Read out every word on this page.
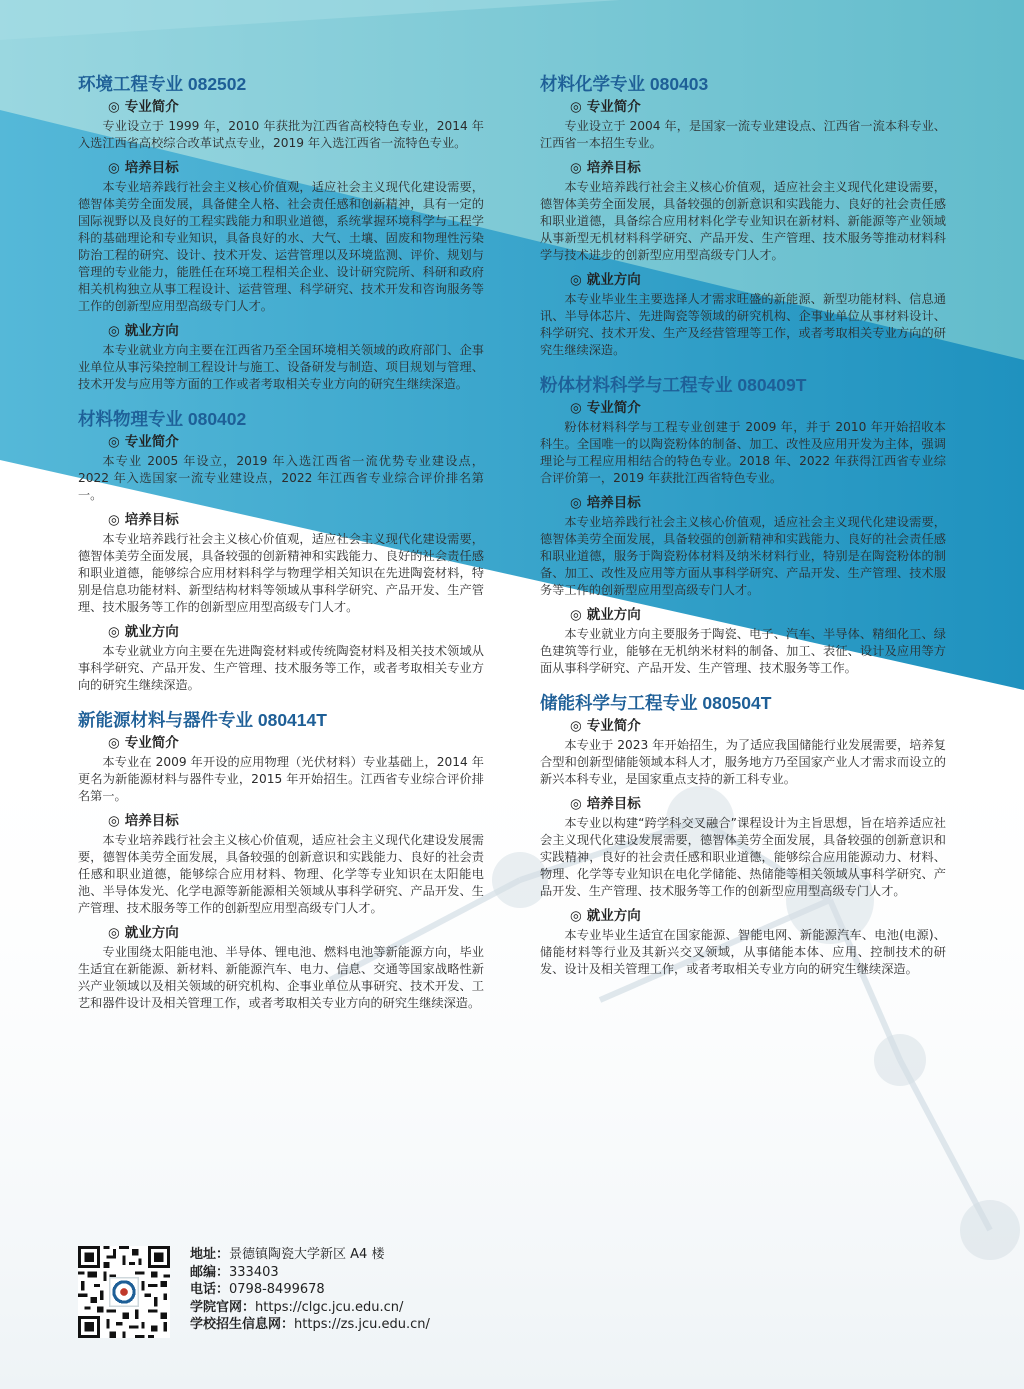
环境工程专业 082502
◎ 专业简介

专业设立于 1999 年，2010 年获批为江西省高校特色专业，2014 年入选江西省高校综合改革试点专业，2019 年入选江西省一流特色专业。

◎ 培养目标

本专业培养践行社会主义核心价值观，适应社会主义现代化建设需要，德智体美劳全面发展，具备健全人格、社会责任感和创新精神，具有一定的国际视野以及良好的工程实践能力和职业道德，系统掌握环境科学与工程学科的基础理论和专业知识，具备良好的水、大气、土壤、固废和物理性污染防治工程的研究、设计、技术开发、运营管理以及环境监测、评价、规划与管理的专业能力，能胜任在环境工程相关企业、设计研究院所、科研和政府相关机构独立从事工程设计、运营管理、科学研究、技术开发和咨询服务等工作的创新型应用型高级专门人才。

◎ 就业方向

本专业就业方向主要在江西省乃至全国环境相关领域的政府部门、企事业单位从事污染控制工程设计与施工、设备研发与制造、项目规划与管理、技术开发与应用等方面的工作或者考取相关专业方向的研究生继续深造。

材料物理专业 080402
◎ 专业简介

本专业 2005 年设立，2019 年入选江西省一流优势专业建设点，2022 年入选国家一流专业建设点，2022 年江西省专业综合评价排名第一。

◎ 培养目标

本专业培养践行社会主义核心价值观，适应社会主义现代化建设需要，德智体美劳全面发展，具备较强的创新精神和实践能力、良好的社会责任感和职业道德，能够综合应用材料科学与物理学相关知识在先进陶瓷材料，特别是信息功能材料、新型结构材料等领域从事科学研究、产品开发、生产管理、技术服务等工作的创新型应用型高级专门人才。

◎ 就业方向

本专业就业方向主要在先进陶瓷材料或传统陶瓷材料及相关技术领域从事科学研究、产品开发、生产管理、技术服务等工作，或者考取相关专业方向的研究生继续深造。

新能源材料与器件专业 080414T
◎ 专业简介

本专业在 2009 年开设的应用物理（光伏材料）专业基础上，2014 年更名为新能源材料与器件专业，2015 年开始招生。江西省专业综合评价排名第一。

◎ 培养目标

本专业培养践行社会主义核心价值观，适应社会主义现代化建设发展需要，德智体美劳全面发展，具备较强的创新意识和实践能力、良好的社会责任感和职业道德，能够综合应用材料、物理、化学等专业知识在太阳能电池、半导体发光、化学电源等新能源相关领域从事科学研究、产品开发、生产管理、技术服务等工作的创新型应用型高级专门人才。

◎ 就业方向

专业围绕太阳能电池、半导体、锂电池、燃料电池等新能源方向，毕业生适宜在新能源、新材料、新能源汽车、电力、信息、交通等国家战略性新兴产业领域以及相关领域的研究机构、企事业单位从事研究、技术开发、工艺和器件设计及相关管理工作，或者考取相关专业方向的研究生继续深造。

材料化学专业 080403
◎ 专业简介

专业设立于 2004 年，是国家一流专业建设点、江西省一流本科专业、江西省一本招生专业。

◎ 培养目标

本专业培养践行社会主义核心价值观，适应社会主义现代化建设需要，德智体美劳全面发展，具备较强的创新意识和实践能力、良好的社会责任感和职业道德，具备综合应用材料化学专业知识在新材料、新能源等产业领域从事新型无机材料科学研究、产品开发、生产管理、技术服务等推动材料科学与技术进步的创新型应用型高级专门人才。

◎ 就业方向

本专业毕业生主要选择人才需求旺盛的新能源、新型功能材料、信息通讯、半导体芯片、先进陶瓷等领域的研究机构、企事业单位从事材料设计、科学研究、技术开发、生产及经营管理等工作，或者考取相关专业方向的研究生继续深造。

粉体材料科学与工程专业 080409T
◎ 专业简介

粉体材料科学与工程专业创建于 2009 年，并于 2010 年开始招收本科生。全国唯一的以陶瓷粉体的制备、加工、改性及应用开发为主体，强调理论与工程应用相结合的特色专业。2018 年、2022 年获得江西省专业综合评价第一，2019 年获批江西省特色专业。

◎ 培养目标

本专业培养践行社会主义核心价值观，适应社会主义现代化建设需要，德智体美劳全面发展，具备较强的创新精神和实践能力、良好的社会责任感和职业道德，服务于陶瓷粉体材料及纳米材料行业，特别是在陶瓷粉体的制备、加工、改性及应用等方面从事科学研究、产品开发、生产管理、技术服务等工作的创新型应用型高级专门人才。

◎ 就业方向

本专业就业方向主要服务于陶瓷、电子、汽车、半导体、精细化工、绿色建筑等行业，能够在无机纳米材料的制备、加工、表征、设计及应用等方面从事科学研究、产品开发、生产管理、技术服务等工作。

储能科学与工程专业 080504T
◎ 专业简介

本专业于 2023 年开始招生，为了适应我国储能行业发展需要，培养复合型和创新型储能领域本科人才，服务地方乃至国家产业人才需求而设立的新兴本科专业，是国家重点支持的新工科专业。

◎ 培养目标

本专业以构建“跨学科交叉融合”课程设计为主旨思想，旨在培养适应社会主义现代化建设发展需要，德智体美劳全面发展，具备较强的创新意识和实践精神，良好的社会责任感和职业道德，能够综合应用能源动力、材料、物理、化学等专业知识在电化学储能、热储能等相关领域从事科学研究、产品开发、生产管理、技术服务等工作的创新型应用型高级专门人才。

◎ 就业方向

本专业毕业生适宜在国家能源、智能电网、新能源汽车、电池(电源)、储能材料等行业及其新兴交叉领域，从事储能本体、应用、控制技术的研发、设计及相关管理工作，或者考取相关专业方向的研究生继续深造。

地址：景德镇陶瓷大学新区 A4 楼
邮编：333403
电话：0798-8499678
学院官网：https://clgc.jcu.edu.cn/
学校招生信息网：https://zs.jcu.edu.cn/
